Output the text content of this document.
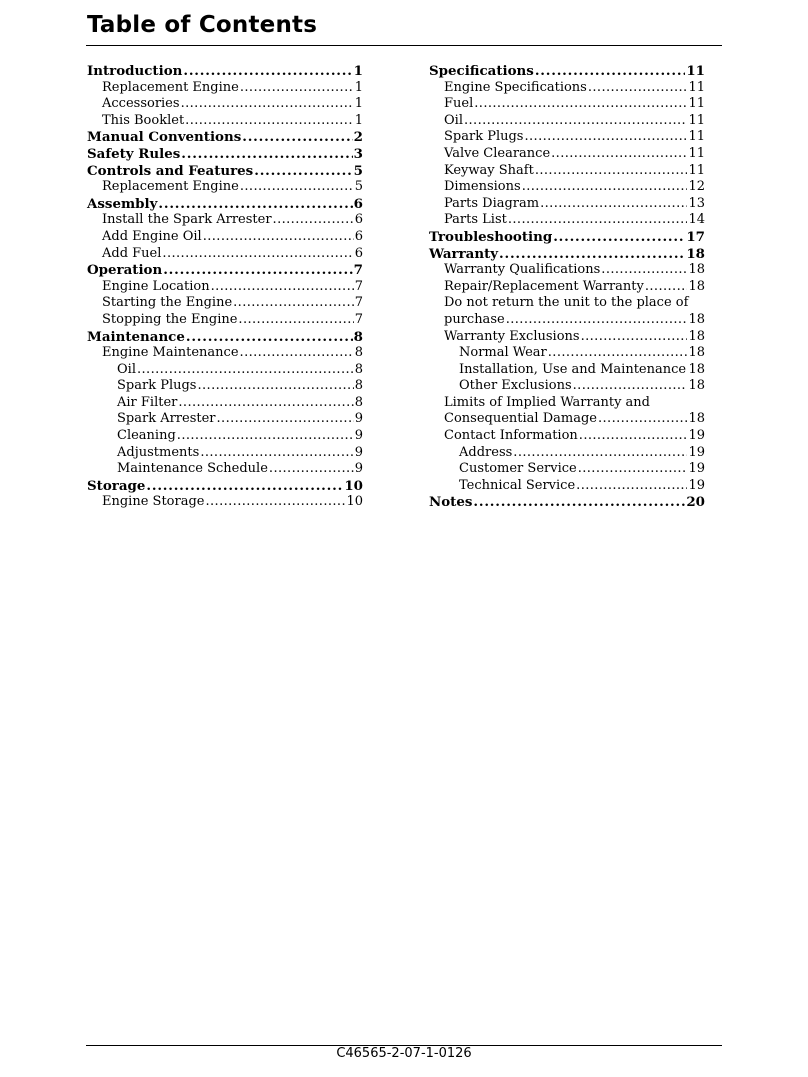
Table of Contents
Introduction .....	1
Replacement Engine .....	1
Accessories .....	1
This Booklet .....	1
Manual Conventions .....	2
Safety Rules .....	3
Controls and Features .....	5
Replacement Engine .....	5
Assembly .....	6
Install the Spark Arrester .....	6
Add Engine Oil .....	6
Add Fuel .....	6
Operation .....	7
Engine Location .....	7
Starting the Engine .....	7
Stopping the Engine .....	7
Maintenance .....	8
Engine Maintenance .....	8
Oil .....	8
Spark Plugs .....	8
Air Filter .....	8
Spark Arrester .....	9
Cleaning .....	9
Adjustments .....	9
Maintenance Schedule .....	9
Storage .....	10
Engine Storage .....	10
Specifications .....	11
Engine Specifications .....	11
Fuel .....	11
Oil .....	11
Spark Plugs .....	11
Valve Clearance .....	11
Keyway Shaft .....	11
Dimensions .....	12
Parts Diagram .....	13
Parts List .....	14
Troubleshooting .....	17
Warranty .....	18
Warranty Qualifications .....	18
Repair/Replacement Warranty .....	18
Do not return the unit to the place of
purchase .....	18
Warranty Exclusions .....	18
Normal Wear .....	18
Installation, Use and Maintenance ..... 18
Other Exclusions .....	18
Limits of Implied Warranty and
Consequential Damage .....	18
Contact Information .....	19
Address .....	19
Customer Service .....	19
Technical Service .....	19
Notes .....	20
C46565-2-07-1-0126
